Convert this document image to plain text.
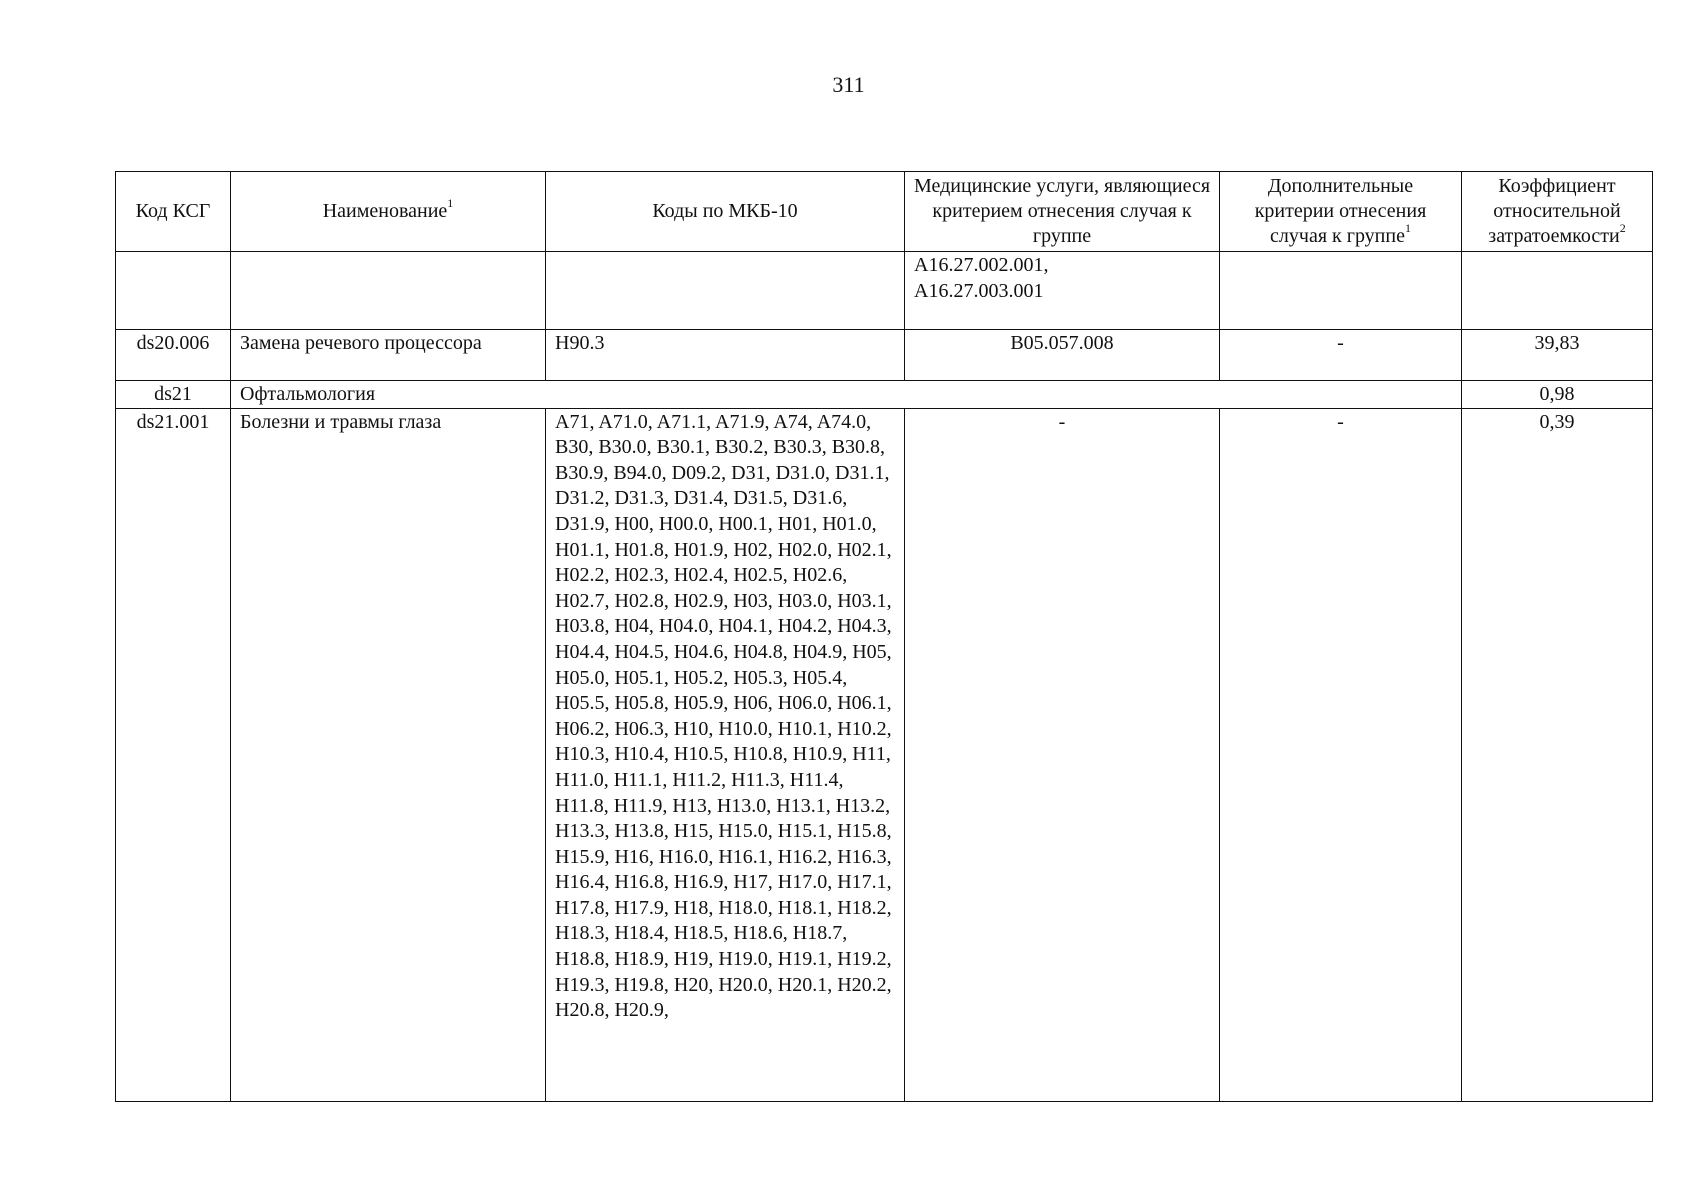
311
Код КСГ	Наименование$^1$	Коды по МКБ-10	Медицинские услуги, являющиеся критерием отнесения случая к группе	Дополнительные критерии отнесения случая к группе$^1$	Коэффициент относительной затратоемкости$^2$
			A16.27.002.001, A16.27.003.001		
ds20.006	Замена речевого процессора	H90.3	B05.057.008	-	39,83
ds21	Офтальмология				0,98
ds21.001	Болезни и травмы глаза	A71, A71.0, A71.1, A71.9, A74, A74.0, B30, B30.0, B30.1, B30.2, B30.3, B30.8, B30.9, B94.0, D09.2, D31, D31.0, D31.1, D31.2, D31.3, D31.4, D31.5, D31.6, D31.9, H00, H00.0, H00.1, H01, H01.0, H01.1, H01.8, H01.9, H02, H02.0, H02.1, H02.2, H02.3, H02.4, H02.5, H02.6, H02.7, H02.8, H02.9, H03, H03.0, H03.1, H03.8, H04, H04.0, H04.1, H04.2, H04.3, H04.4, H04.5, H04.6, H04.8, H04.9, H05, H05.0, H05.1, H05.2, H05.3, H05.4, H05.5, H05.8, H05.9, H06, H06.0, H06.1, H06.2, H06.3, H10, H10.0, H10.1, H10.2, H10.3, H10.4, H10.5, H10.8, H10.9, H11, H11.0, H11.1, H11.2, H11.3, H11.4, H11.8, H11.9, H13, H13.0, H13.1, H13.2, H13.3, H13.8, H15, H15.0, H15.1, H15.8, H15.9, H16, H16.0, H16.1, H16.2, H16.3, H16.4, H16.8, H16.9, H17, H17.0, H17.1, H17.8, H17.9, H18, H18.0, H18.1, H18.2, H18.3, H18.4, H18.5, H18.6, H18.7, H18.8, H18.9, H19, H19.0, H19.1, H19.2, H19.3, H19.8, H20, H20.0, H20.1, H20.2, H20.8, H20.9,	-	-	0,39
